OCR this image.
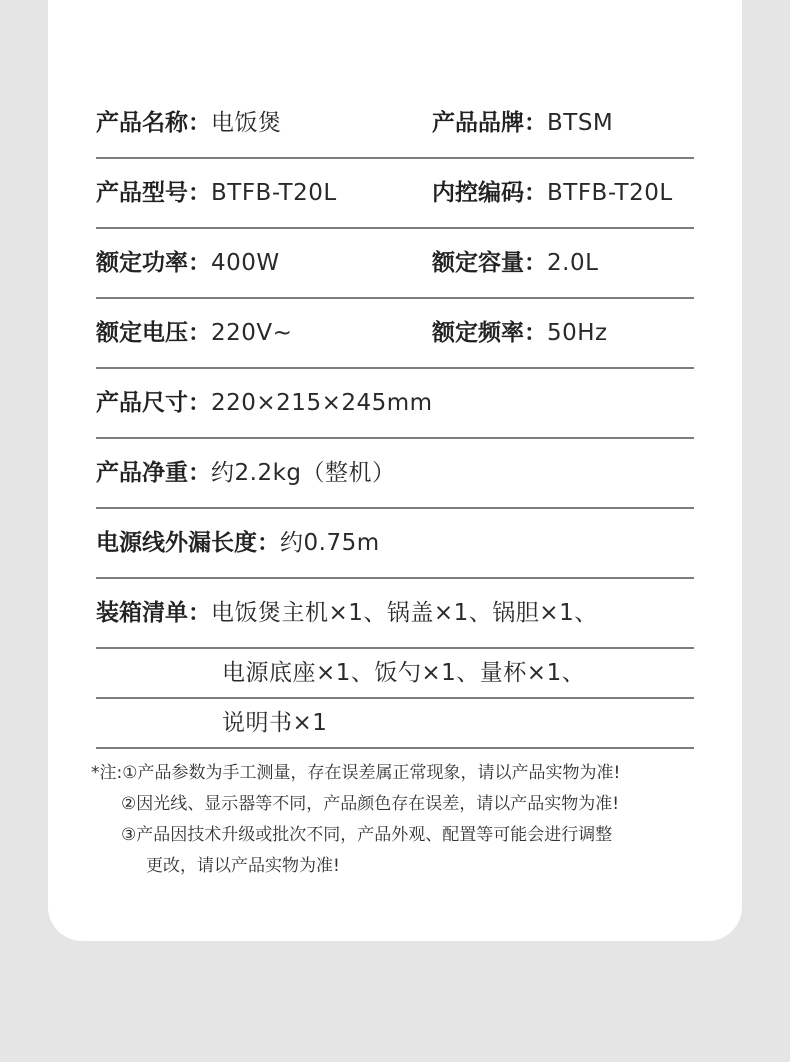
产品名称： 电饭煲	产品品牌： BTSM
产品型号： BTFB-T20L	内控编码： BTFB-T20L
额定功率： 400W	额定容量： 2.0L
额定电压： 220V~	额定频率： 50Hz
产品尺寸： 220×215×245mm
产品净重： 约2.2kg（整机）
电源线外漏长度： 约0.75m
装箱清单： 电饭煲主机×1、锅盖×1、锅胆×1、
电源底座×1、饭勺×1、量杯×1、
说明书×1
*注:①产品参数为手工测量，存在误差属正常现象，请以产品实物为准!
②因光线、显示器等不同，产品颜色存在误差，请以产品实物为准!
③产品因技术升级或批次不同，产品外观、配置等可能会进行调整
更改，请以产品实物为准!
